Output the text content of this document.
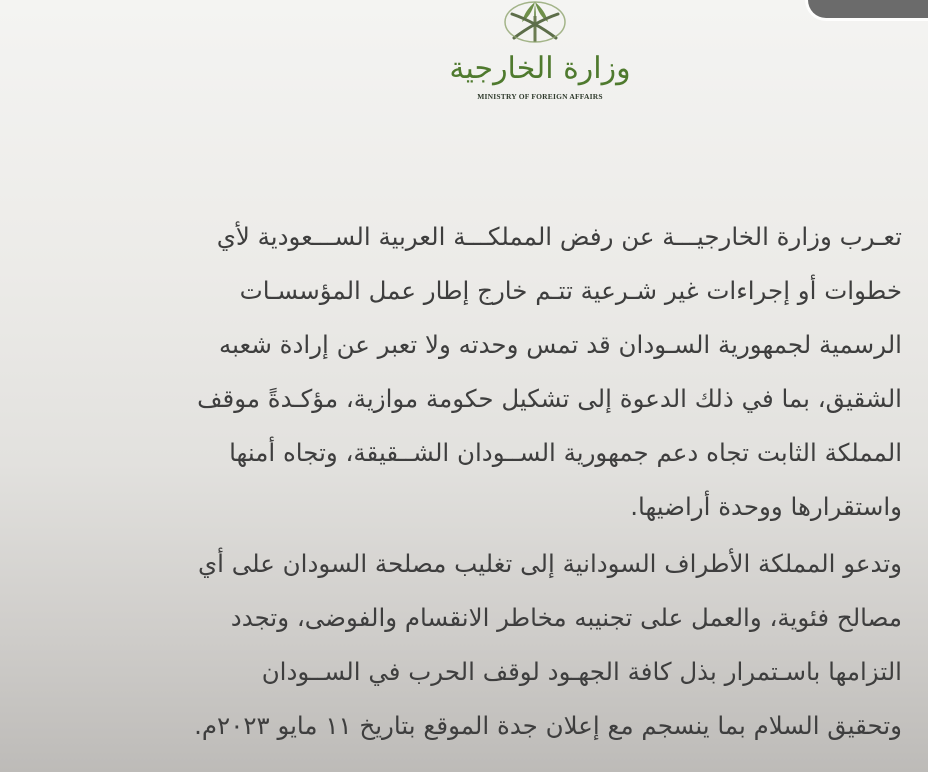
وزارة الخارجية
MINISTRY OF FOREIGN AFFAIRS
تعـرب وزارة الخارجيـــة عن رفض المملكـــة العربية الســـعودية لأي
خطوات أو إجراءات غير شـرعية تتـم خارج إطار عمل المؤسسـات
الرسمية لجمهورية السـودان قد تمس وحدته ولا تعبر عن إرادة شعبه
الشقيق، بما في ذلك الدعوة إلى تشكيل حكومة موازية، مؤكـدةً موقف
المملكة الثابت تجاه دعم جمهورية الســودان الشــقيقة، وتجاه أمنها
واستقرارها ووحدة أراضيها.
وتدعو المملكة الأطراف السودانية إلى تغليب مصلحة السودان على أي
مصالح فئوية، والعمل على تجنيبه مخاطر الانقسام والفوضى، وتجدد
التزامها باسـتمرار بذل كافة الجهـود لوقف الحرب في الســودان
وتحقيق السلام بما ينسجم مع إعلان جدة الموقع بتاريخ ١١ مايو ٢٠٢٣م.
